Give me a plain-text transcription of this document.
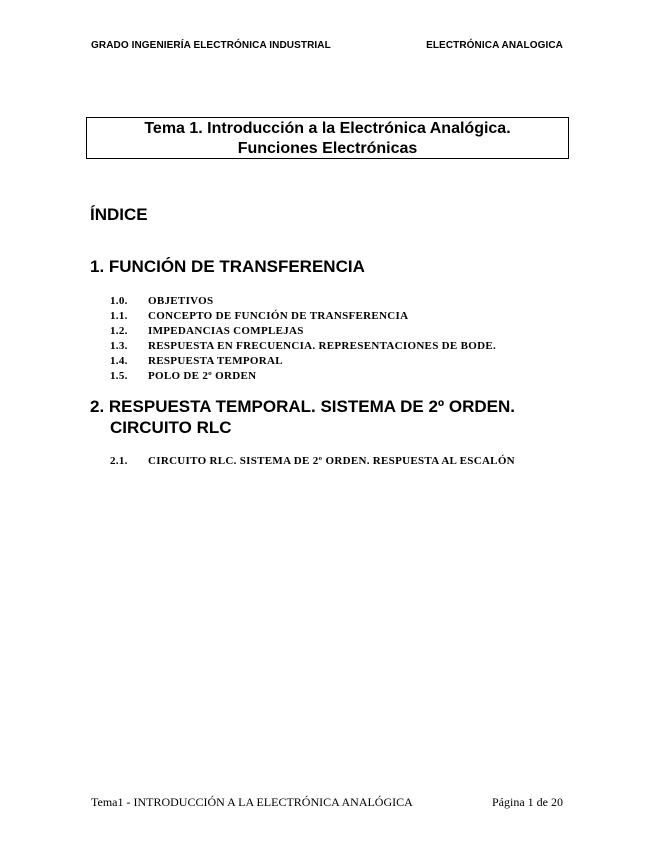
GRADO INGENIERÍA ELECTRÓNICA INDUSTRIAL	ELECTRÓNICA ANALOGICA
Tema 1. Introducción a la Electrónica Analógica.
Funciones Electrónicas
ÍNDICE
1. FUNCIÓN DE TRANSFERENCIA
1.0.	OBJETIVOS
1.1.	CONCEPTO DE FUNCIÓN DE TRANSFERENCIA
1.2.	IMPEDANCIAS COMPLEJAS
1.3.	RESPUESTA EN FRECUENCIA. REPRESENTACIONES DE BODE.
1.4.	RESPUESTA TEMPORAL
1.5.	POLO DE 2º ORDEN
2. RESPUESTA TEMPORAL. SISTEMA DE 2º ORDEN.
CIRCUITO RLC
2.1.	CIRCUITO RLC. SISTEMA DE 2º ORDEN. RESPUESTA AL ESCALÓN
Tema1 - INTRODUCCIÓN A LA ELECTRÓNICA ANALÓGICA	Página 1 de 20
